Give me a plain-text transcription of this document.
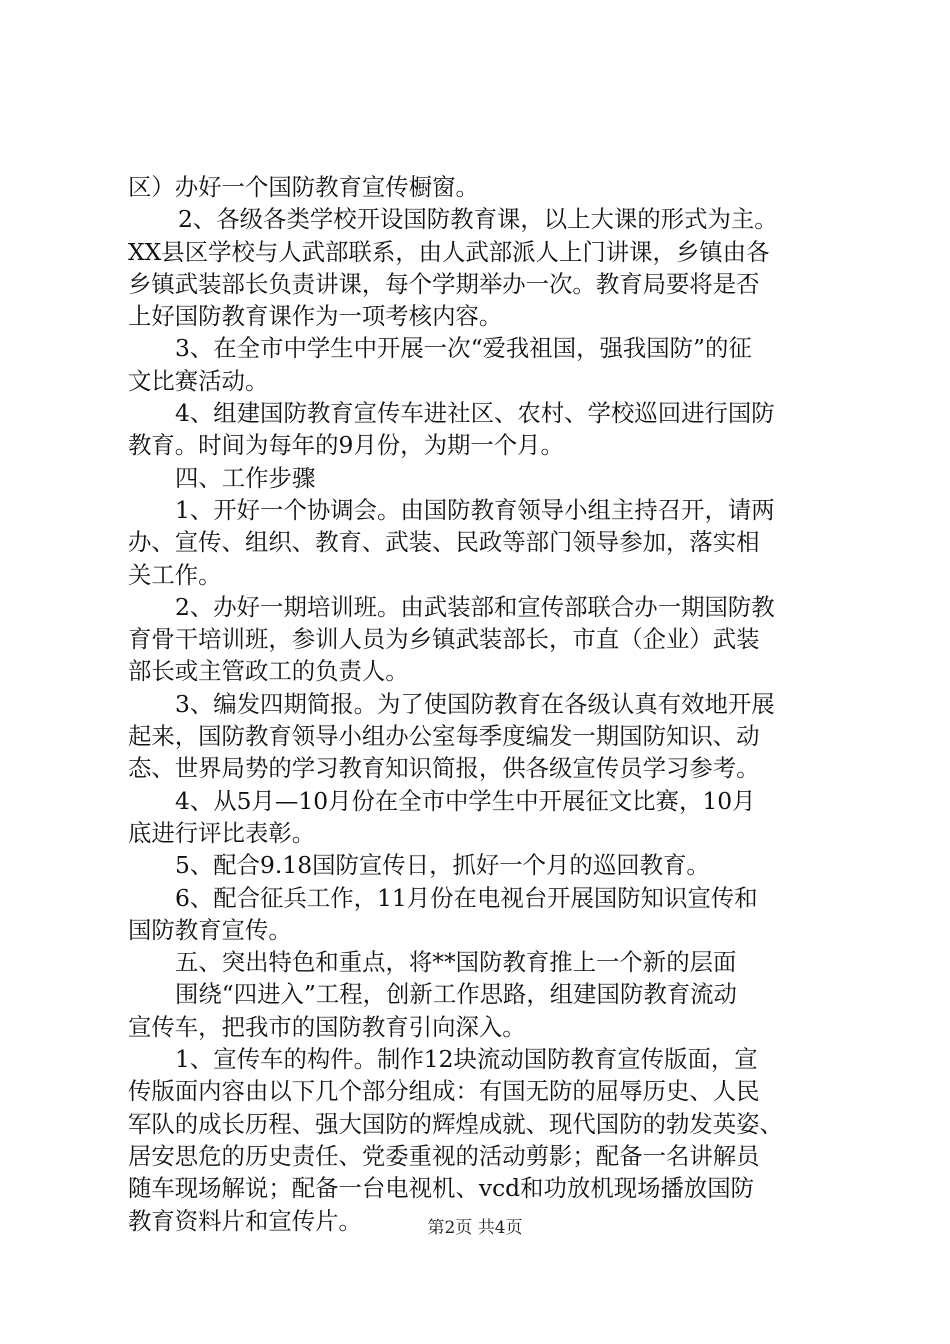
区）办好一个国防教育宣传橱窗。
2、各级各类学校开设国防教育课，以上大课的形式为主。
XX县区学校与人武部联系，由人武部派人上门讲课，乡镇由各
乡镇武装部长负责讲课，每个学期举办一次。教育局要将是否
上好国防教育课作为一项考核内容。
3、在全市中学生中开展一次“爱我祖国，强我国防”的征
文比赛活动。
4、组建国防教育宣传车进社区、农村、学校巡回进行国防
教育。时间为每年的9月份，为期一个月。
四、工作步骤
1、开好一个协调会。由国防教育领导小组主持召开，请两
办、宣传、组织、教育、武装、民政等部门领导参加，落实相
关工作。
2、办好一期培训班。由武装部和宣传部联合办一期国防教
育骨干培训班，参训人员为乡镇武装部长，市直（企业）武装
部长或主管政工的负责人。
3、编发四期简报。为了使国防教育在各级认真有效地开展
起来，国防教育领导小组办公室每季度编发一期国防知识、动
态、世界局势的学习教育知识简报，供各级宣传员学习参考。
4、从5月—10月份在全市中学生中开展征文比赛，10月
底进行评比表彰。
5、配合9.18国防宣传日，抓好一个月的巡回教育。
6、配合征兵工作，11月份在电视台开展国防知识宣传和
国防教育宣传。
五、突出特色和重点，将**国防教育推上一个新的层面
围绕“四进入”工程，创新工作思路，组建国防教育流动
宣传车，把我市的国防教育引向深入。
1、宣传车的构件。制作12块流动国防教育宣传版面，宣
传版面内容由以下几个部分组成：有国无防的屈辱历史、人民
军队的成长历程、强大国防的辉煌成就、现代国防的勃发英姿、
居安思危的历史责任、党委重视的活动剪影；配备一名讲解员
随车现场解说；配备一台电视机、vcd和功放机现场播放国防
教育资料片和宣传片。	第2页 共4页
